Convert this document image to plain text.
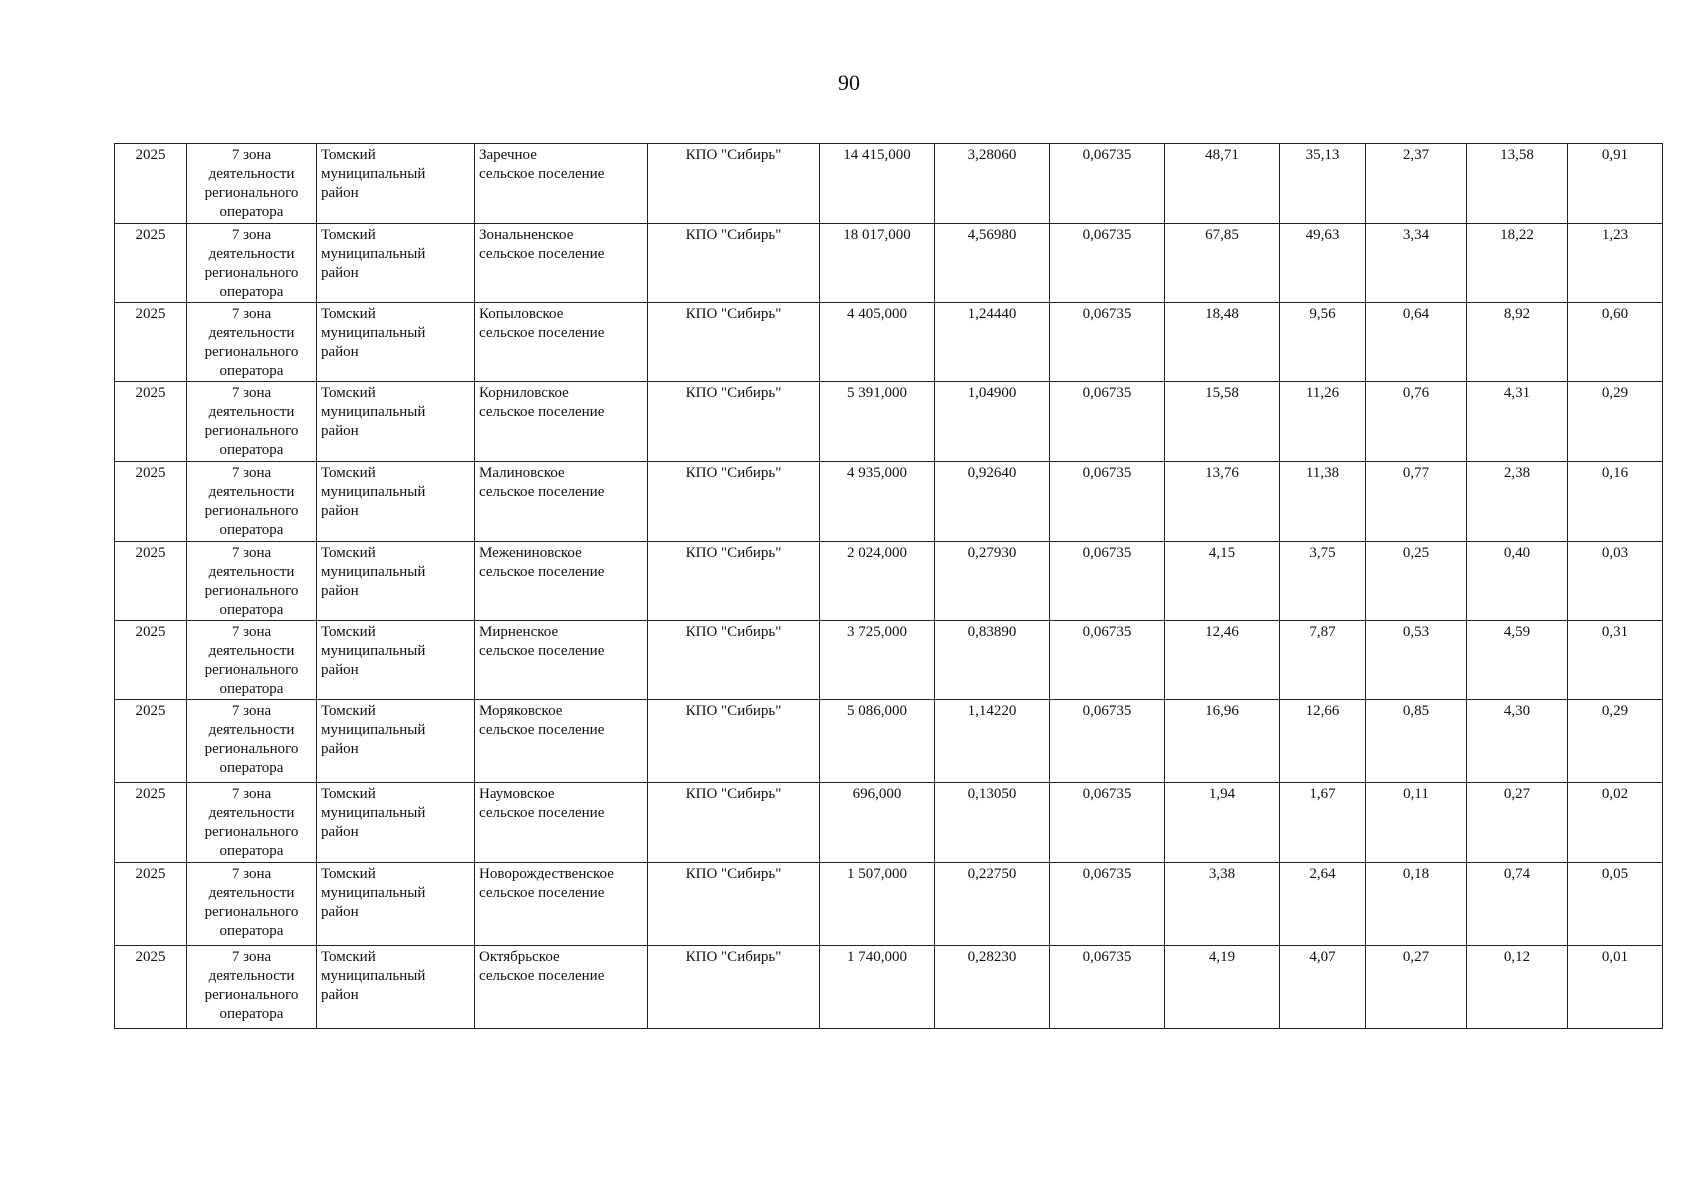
90
2025	7 зона
деятельности
регионального
оператора	Томский
муниципальный
район	Заречное
сельское поселение	КПО "Сибирь"	14 415,000	3,28060	0,06735	48,71	35,13	2,37	13,58	0,91
2025	7 зона
деятельности
регионального
оператора	Томский
муниципальный
район	Зональненское
сельское поселение	КПО "Сибирь"	18 017,000	4,56980	0,06735	67,85	49,63	3,34	18,22	1,23
2025	7 зона
деятельности
регионального
оператора	Томский
муниципальный
район	Копыловское
сельское поселение	КПО "Сибирь"	4 405,000	1,24440	0,06735	18,48	9,56	0,64	8,92	0,60
2025	7 зона
деятельности
регионального
оператора	Томский
муниципальный
район	Корниловское
сельское поселение	КПО "Сибирь"	5 391,000	1,04900	0,06735	15,58	11,26	0,76	4,31	0,29
2025	7 зона
деятельности
регионального
оператора	Томский
муниципальный
район	Малиновское
сельское поселение	КПО "Сибирь"	4 935,000	0,92640	0,06735	13,76	11,38	0,77	2,38	0,16
2025	7 зона
деятельности
регионального
оператора	Томский
муниципальный
район	Межениновское
сельское поселение	КПО "Сибирь"	2 024,000	0,27930	0,06735	4,15	3,75	0,25	0,40	0,03
2025	7 зона
деятельности
регионального
оператора	Томский
муниципальный
район	Мирненское
сельское поселение	КПО "Сибирь"	3 725,000	0,83890	0,06735	12,46	7,87	0,53	4,59	0,31
2025	7 зона
деятельности
регионального
оператора	Томский
муниципальный
район	Моряковское
сельское поселение	КПО "Сибирь"	5 086,000	1,14220	0,06735	16,96	12,66	0,85	4,30	0,29
2025	7 зона
деятельности
регионального
оператора	Томский
муниципальный
район	Наумовское
сельское поселение	КПО "Сибирь"	696,000	0,13050	0,06735	1,94	1,67	0,11	0,27	0,02
2025	7 зона
деятельности
регионального
оператора	Томский
муниципальный
район	Новорождественское
сельское поселение	КПО "Сибирь"	1 507,000	0,22750	0,06735	3,38	2,64	0,18	0,74	0,05
2025	7 зона
деятельности
регионального
оператора	Томский
муниципальный
район	Октябрьское
сельское поселение	КПО "Сибирь"	1 740,000	0,28230	0,06735	4,19	4,07	0,27	0,12	0,01
